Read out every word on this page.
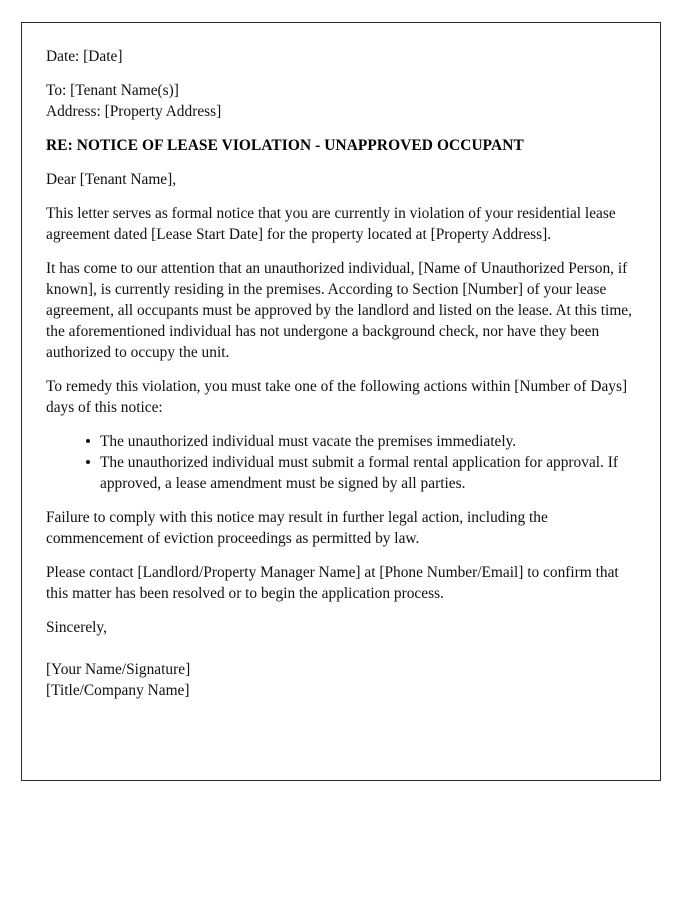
Date: [Date]
To: [Tenant Name(s)]
Address: [Property Address]
RE: NOTICE OF LEASE VIOLATION - UNAPPROVED OCCUPANT
Dear [Tenant Name],

This letter serves as formal notice that you are currently in violation of your residential lease agreement dated [Lease Start Date] for the property located at [Property Address].

It has come to our attention that an unauthorized individual, [Name of Unauthorized Person, if known], is currently residing in the premises. According to Section [Number] of your lease agreement, all occupants must be approved by the landlord and listed on the lease. At this time, the aforementioned individual has not undergone a background check, nor have they been authorized to occupy the unit.

To remedy this violation, you must take one of the following actions within [Number of Days] days of this notice:

The unauthorized individual must vacate the premises immediately.
The unauthorized individual must submit a formal rental application for approval. If approved, a lease amendment must be signed by all parties.

Failure to comply with this notice may result in further legal action, including the commencement of eviction proceedings as permitted by law.

Please contact [Landlord/Property Manager Name] at [Phone Number/Email] to confirm that this matter has been resolved or to begin the application process.

Sincerely,
[Your Name/Signature]
[Title/Company Name]
